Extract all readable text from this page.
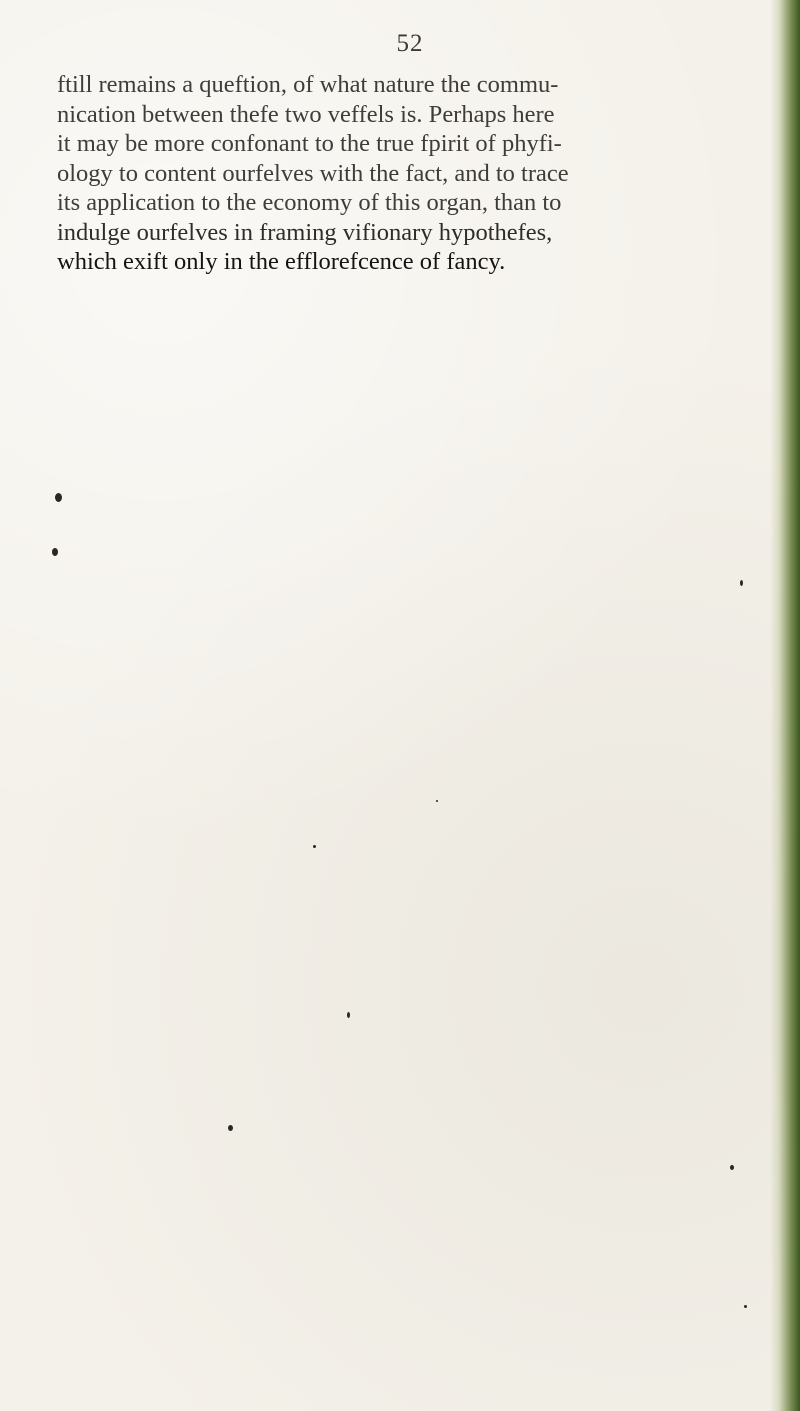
52
ftill remains a queftion, of what nature the commu-
nication between thefe two veffels is. Perhaps here
it may be more confonant to the true fpirit of phyfi-
ology to content ourfelves with the fact, and to trace
its application to the economy of this organ, than to
indulge ourfelves in framing vifionary hypothefes,
which exift only in the efflorefcence of fancy.
